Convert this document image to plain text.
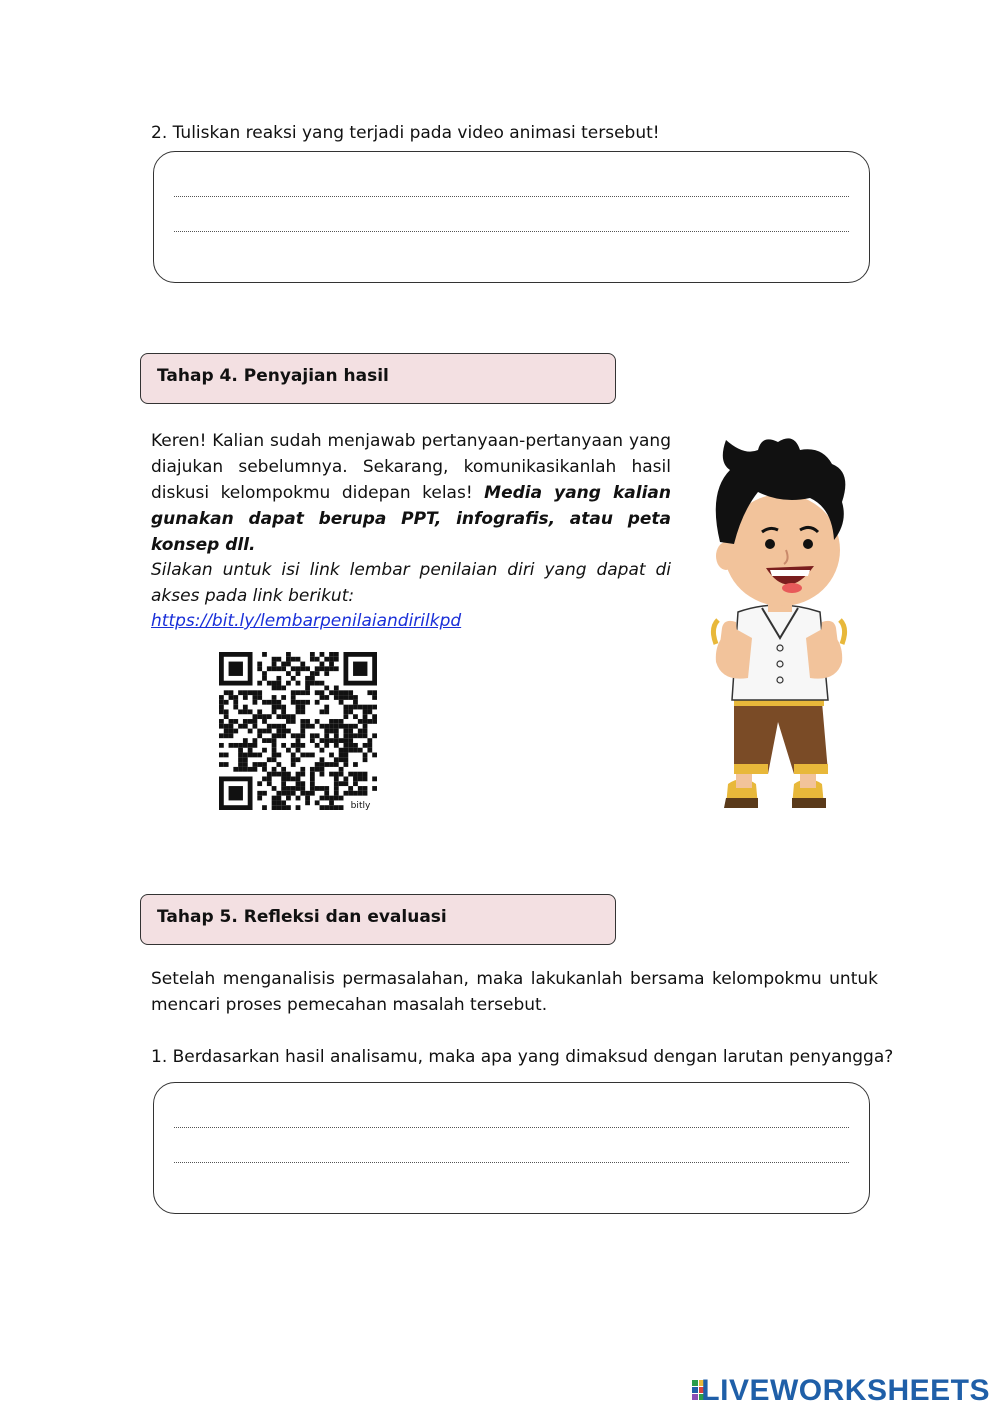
2. Tuliskan reaksi yang terjadi pada video animasi tersebut!
Tahap 4. Penyajian hasil

Keren! Kalian sudah menjawab pertanyaan-pertanyaan yang diajukan sebelumnya. Sekarang, komunikasikanlah hasil diskusi kelompokmu didepan kelas! Media yang kalian gunakan dapat berupa PPT, infografis, atau peta konsep dll.

Silakan untuk isi link lembar penilaian diri yang dapat di akses pada link berikut:
https://bit.ly/lembarpenilaiandirilkpd
bitly
Tahap 5. Refleksi dan evaluasi
Setelah menganalisis permasalahan, maka lakukanlah bersama kelompokmu untuk mencari proses pemecahan masalah tersebut.
1. Berdasarkan hasil analisamu, maka apa yang dimaksud dengan larutan penyangga?
LIVEWORKSHEETS
